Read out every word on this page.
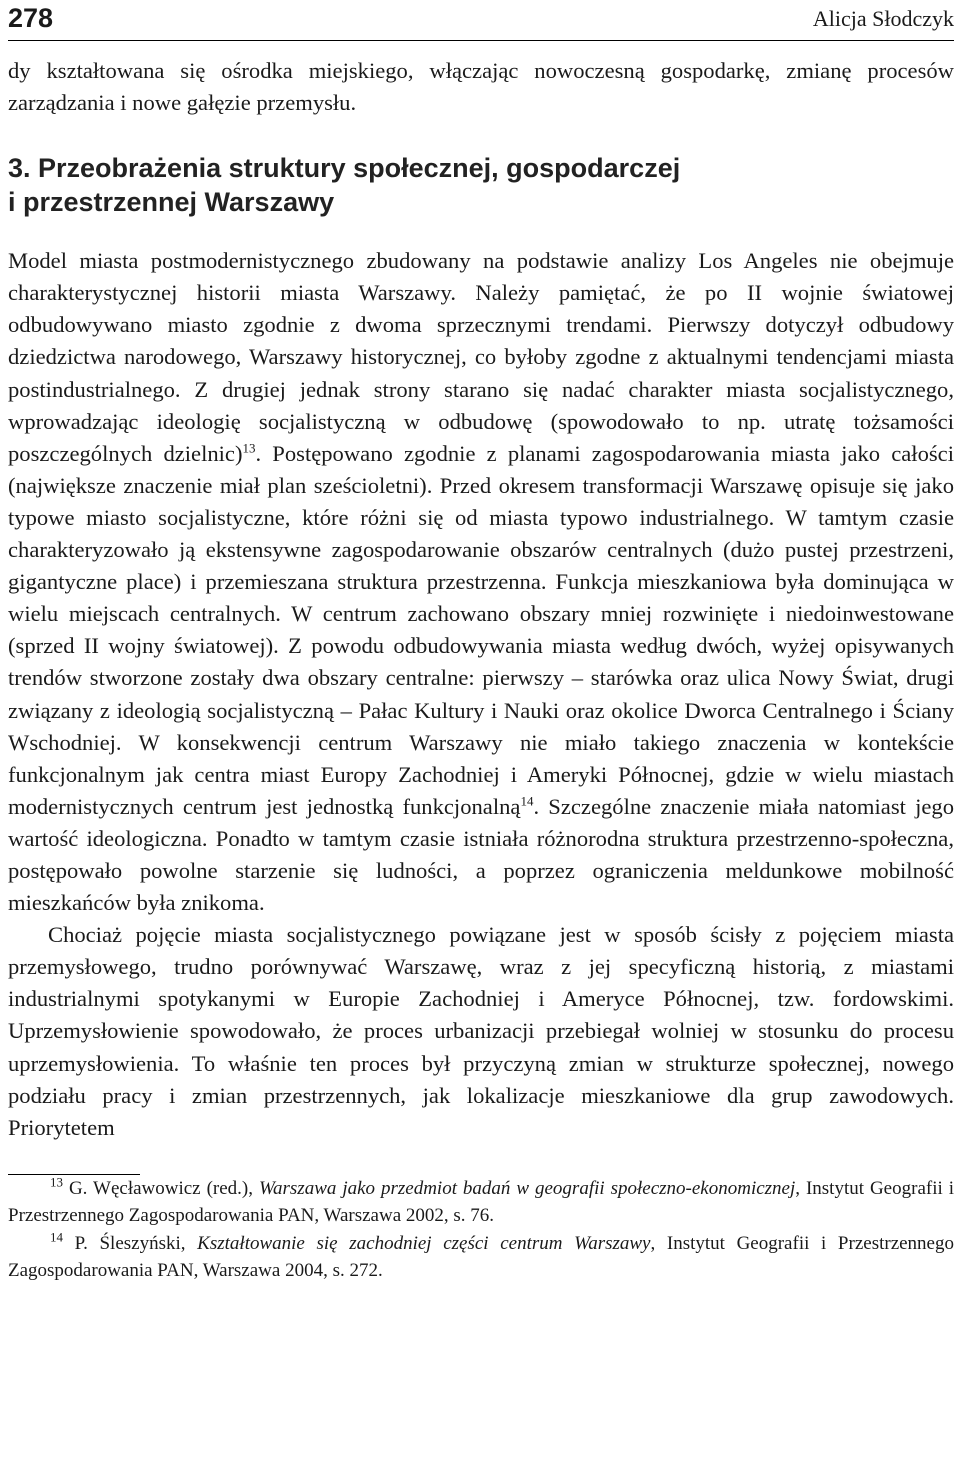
278	Alicja Słodczyk

dy kształtowana się ośrodka miejskiego, włączając nowoczesną gospodarkę, zmianę procesów zarządzania i nowe gałęzie przemysłu.

3. Przeobrażenia struktury społecznej, gospodarczej
i przestrzennej Warszawy

Model miasta postmodernistycznego zbudowany na podstawie analizy Los Angeles nie obejmuje charakterystycznej historii miasta Warszawy. Należy pamiętać, że po II wojnie światowej odbudowywano miasto zgodnie z dwoma sprzecznymi trendami. Pierwszy dotyczył odbudowy dziedzictwa narodowego, Warszawy historycznej, co byłoby zgodne z aktualnymi tendencjami miasta postindustrialnego. Z drugiej jednak strony starano się nadać charakter miasta socjalistycznego, wprowadzając ideologię socjalistyczną w odbudowę (spowodowało to np. utratę tożsamości poszczególnych dzielnic)$^{13}$. Postępowano zgodnie z planami zagospodarowania miasta jako całości (największe znaczenie miał plan sześcioletni). Przed okresem transformacji Warszawę opisuje się jako typowe miasto socjalistyczne, które różni się od miasta typowo industrialnego. W tamtym czasie charakteryzowało ją ekstensywne zagospodarowanie obszarów centralnych (dużo pustej przestrzeni, gigantyczne place) i przemieszana struktura przestrzenna. Funkcja mieszkaniowa była dominująca w wielu miejscach centralnych. W centrum zachowano obszary mniej rozwinięte i niedoinwestowane (sprzed II wojny światowej). Z powodu odbudowywania miasta według dwóch, wyżej opisywanych trendów stworzone zostały dwa obszary centralne: pierwszy – starówka oraz ulica Nowy Świat, drugi związany z ideologią socjalistyczną – Pałac Kultury i Nauki oraz okolice Dworca Centralnego i Ściany Wschodniej. W konsekwencji centrum Warszawy nie miało takiego znaczenia w kontekście funkcjonalnym jak centra miast Europy Zachodniej i Ameryki Północnej, gdzie w wielu miastach modernistycznych centrum jest jednostką funkcjonalną$^{14}$. Szczególne znaczenie miała natomiast jego wartość ideologiczna. Ponadto w tamtym czasie istniała różnorodna struktura przestrzenno-społeczna, postępowało powolne starzenie się ludności, a poprzez ograniczenia meldunkowe mobilność mieszkańców była znikoma.

Chociaż pojęcie miasta socjalistycznego powiązane jest w sposób ścisły z pojęciem miasta przemysłowego, trudno porównywać Warszawę, wraz z jej specyficzną historią, z miastami industrialnymi spotykanymi w Europie Zachodniej i Ameryce Północnej, tzw. fordowskimi. Uprzemysłowienie spowodowało, że proces urbanizacji przebiegał wolniej w stosunku do procesu uprzemysłowienia. To właśnie ten proces był przyczyną zmian w strukturze społecznej, nowego podziału pracy i zmian przestrzennych, jak lokalizacje mieszkaniowe dla grup zawodowych. Priorytetem

$^{13}$ G. Węcławowicz (red.), Warszawa jako przedmiot badań w geografii społeczno-ekonomicznej, Instytut Geografii i Przestrzennego Zagospodarowania PAN, Warszawa 2002, s. 76.

$^{14}$ P. Śleszyński, Kształtowanie się zachodniej części centrum Warszawy, Instytut Geografii i Przestrzennego Zagospodarowania PAN, Warszawa 2004, s. 272.
